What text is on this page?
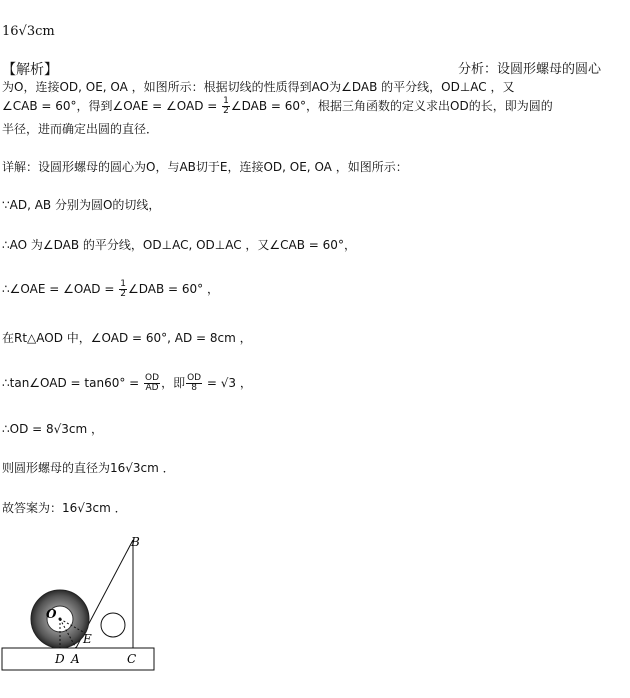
16√3cm
【解析】	分析：设圆形螺母的圆心
为O，连接OD, OE, OA ，如图所示：根据切线的性质得到AO为∠DAB 的平分线，OD⊥AC ，又
∠CAB = 60°，得到∠OAE = ∠OAD = $\frac{1}{2}$ ∠DAB = 60°，根据三角函数的定义求出OD的长，即为圆的
半径，进而确定出圆的直径．
详解：设圆形螺母的圆心为O，与AB切于E，连接OD, OE, OA ，如图所示：
∵AD, AB 分别为圆O的切线，
∴AO 为∠DAB 的平分线，OD⊥AC, OD⊥AC ，又∠CAB = 60°，
∴∠OAE = ∠OAD = $\frac{1}{2}$ ∠DAB = 60° ，
在Rt△AOD 中，∠OAD = 60°, AD = 8cm ，
∴tan∠OAD = $\tan 60^\circ = \frac{OD}{AD}$ ，即 $\frac{OD}{8} = √3$ ，
∴OD = 8√3cm ，
则圆形螺母的直径为16√3cm ．
故答案为：16√3cm ．
B
O
E
D A	C
